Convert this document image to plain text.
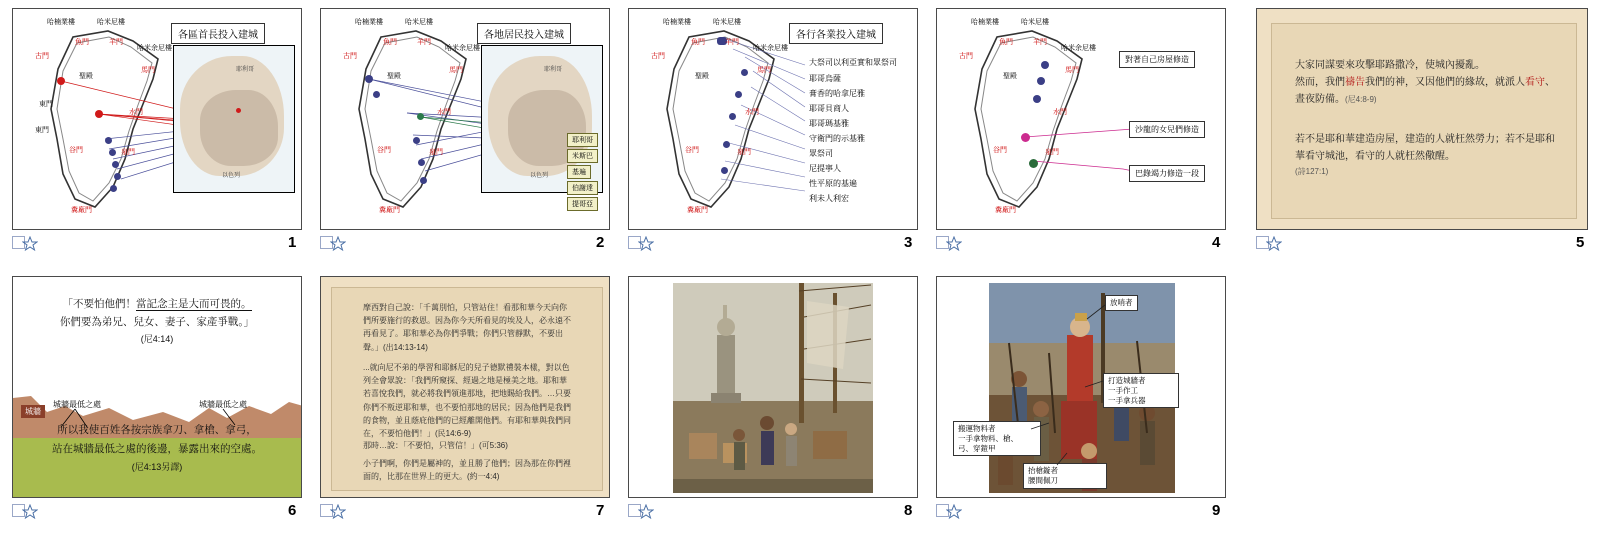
哈楠業樓	哈米尼樓
羊門
魚門
哈米余尼樓
古門
聖殿
馬門
水門
谷門	泉門
糞廠門
東門
東門
各區首長投入建城
耶利哥
以色列
1
哈楠業樓	哈米尼樓
羊門
魚門
哈米余尼樓
古門
聖殿
馬門
水門
谷門	泉門
糞廠門
各地居民投入建城
耶利哥
以色列
耶利哥
米斯巴
基遍
伯謝達
提哥亞
2
哈楠業樓	哈米尼樓
羊門
魚門
哈米余尼樓
古門
聖殿
馬門
水門
谷門	泉門
糞廠門
各行各業投入建城
大祭司以利亞實和眾祭司
耶哥烏薩
膏香的哈拿尼雅
耶哥貝商人
耶哥瑪基雅
守衛門的示基雅
眾祭司
尼提寧人
性平原的基遍
利未人利宏
3
哈楠業樓	哈米尼樓
羊門
魚門
哈米余尼樓
古門
聖殿
馬門
水門
谷門	泉門
糞廠門
對著自己房屋修造
沙龍的女兒們修造
巴錄竭力修造一段
4
大家同謀要來攻擊耶路撒冷，使城內擾亂。
然而，我們禱告我們的神，又因他們的緣故，就派人看守、晝夜防備。(尼4:8-9)
若不是耶和華建造房屋，建造的人就枉然勞力；若不是耶和華看守城池，看守的人就枉然儆醒。
(詩127:1)
5
「不要怕他們！當記念主是大而可畏的。
你們要為弟兄、兒女、妻子、家產爭戰。」
(尼4:14)
城牆
城牆最低之處	城牆最低之處
所以我使百姓各按宗族拿刀、拿槍、拿弓，
站在城牆最低之處的後邊，暴露出來的空處。
(尼4:13另譯)
6
摩西對自己說：「千萬別怕，只管站住！看那和華今天向你們所要施行的救恩。因為你今天所看見的埃及人，必永遠不再看見了。耶和華必為你們爭戰；你們只管靜默，不要出聲。」(出14:13-14)
...就向尼不弟的學習和耶穌尼的兒子德默禮裝本樣，對以色列全會眾說：「我們所窺探、經過之地是極美之地。耶和華若喜悅我們，就必將我們領進那地，把地賜給我們。…只要你們不叛逆耶和華，也不要怕那地的居民；因為他們是我們的食物，並且蔭庇他們的已經離開他們。有耶和華與我們同在，不要怕他們！」(民14:6-9)
那時…說：「不要怕，只管信！」(可5:36)
小子們啊，你們是屬神的，並且勝了他們；因為那在你們裡面的，比那在世界上的更大。(約一4:4)
7	8
放哨者
打造城牆者
一手作工
一手拿兵器
搬運物料者
一手拿物料、槍、
弓、穿鎧甲
抬槍鏇者
腰間佩刀
9
